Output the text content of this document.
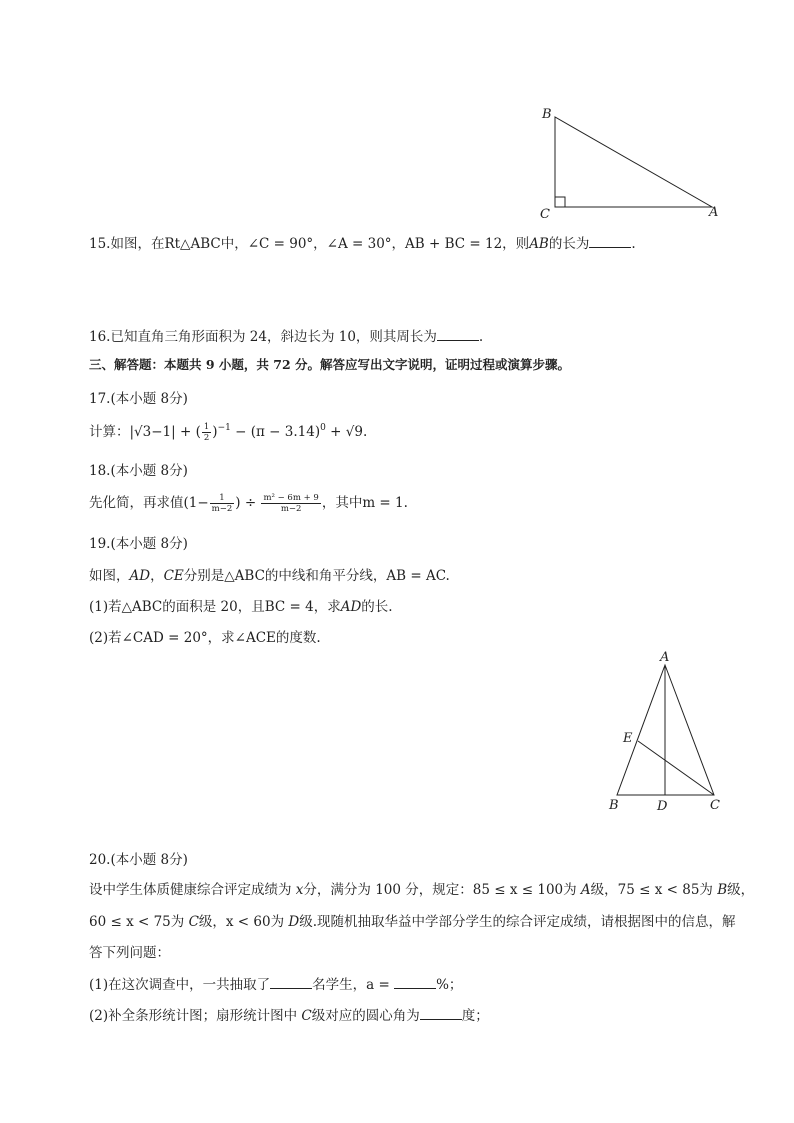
B
C	A
15.如图，在Rt△ABC中，∠C = 90°，∠A = 30°，AB + BC = 12，则AB的长为	.
16.已知直角三角形面积为 24，斜边长为 10，则其周长为	.
三、解答题：本题共 9 小题，共 72 分。解答应写出文字说明，证明过程或演算步骤。
17.(本小题 8分)
计算：|√3−1| + ( $\frac{1}{2} )^{-1} - (\pi - 3.14)^0 + √9$.
18.(本小题 8分)
先化简，再求值($1- \frac{1}{m-2}$ ) ÷ $\frac{\text{m² − 6m + 9}}{m-2}$ ，其中m = 1.
19.(本小题 8分)
如图，AD，CE分别是△ABC的中线和角平分线，AB = AC.
(1)若△ABC的面积是 20，且BC = 4，求AD的长.
(2)若∠CAD = 20°，求∠ACE的度数.
A
E
B	D	C
20.(本小题 8分)
设中学生体质健康综合评定成绩为 x分，满分为 100 分，规定：85 ≤ x ≤ 100为 A级，75 ≤ x < 85为 B级，
60 ≤ x < 75为 C级，x < 60为 D级.现随机抽取华益中学部分学生的综合评定成绩，请根据图中的信息，解
答下列问题：
(1)在这次调查中，一共抽取了	名学生，a =	%；
(2)补全条形统计图；扇形统计图中 C级对应的圆心角为	度；
